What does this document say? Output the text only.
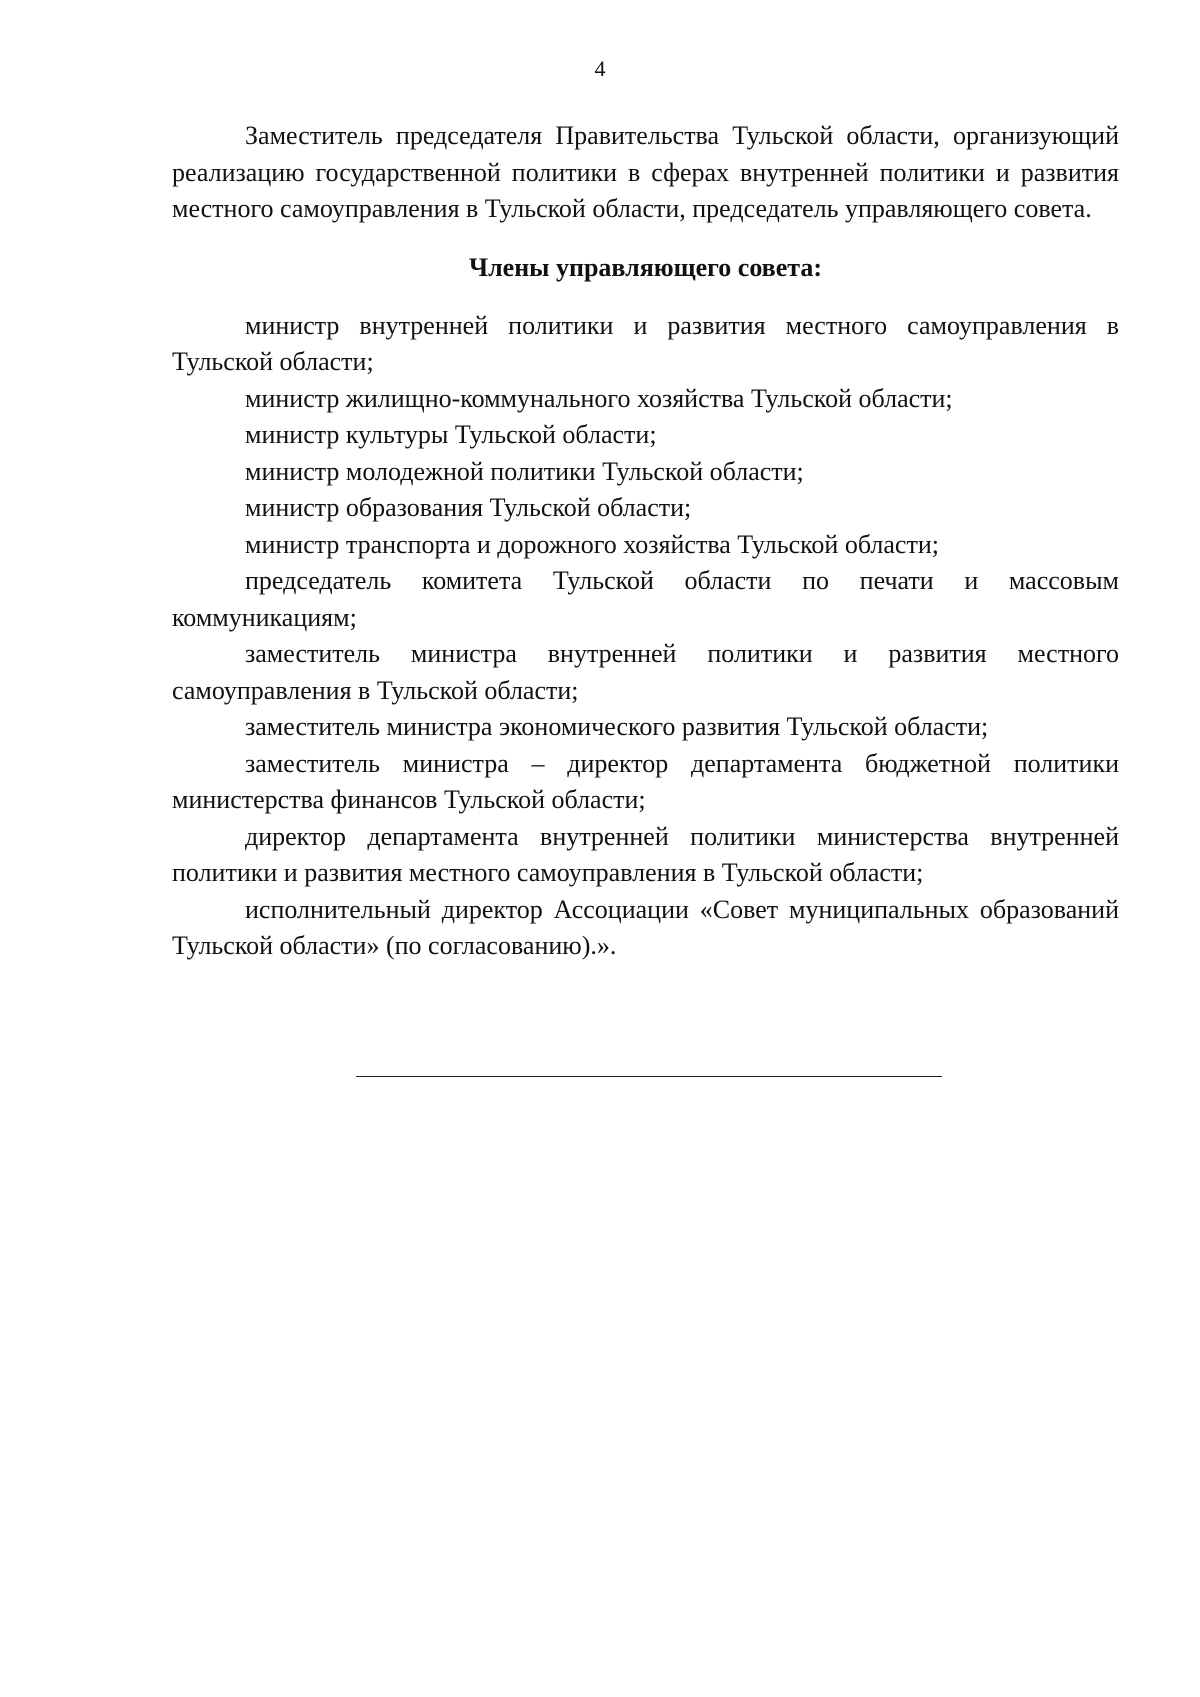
4

Заместитель председателя Правительства Тульской области, организующий реализацию государственной политики в сферах внутренней политики и развития местного самоуправления в Тульской области, председатель управляющего совета.

Члены управляющего совета:
министр внутренней политики и развития местного самоуправления в Тульской области;
министр жилищно-коммунального хозяйства Тульской области;
министр культуры Тульской области;
министр молодежной политики Тульской области;
министр образования Тульской области;
министр транспорта и дорожного хозяйства Тульской области;
председатель комитета Тульской области по печати и массовым коммуникациям;
заместитель министра внутренней политики и развития местного самоуправления в Тульской области;
заместитель министра экономического развития Тульской области;
заместитель министра – директор департамента бюджетной политики министерства финансов Тульской области;
директор департамента внутренней политики министерства внутренней политики и развития местного самоуправления в Тульской области;
исполнительный директор Ассоциации «Совет муниципальных образований Тульской области» (по согласованию).».
